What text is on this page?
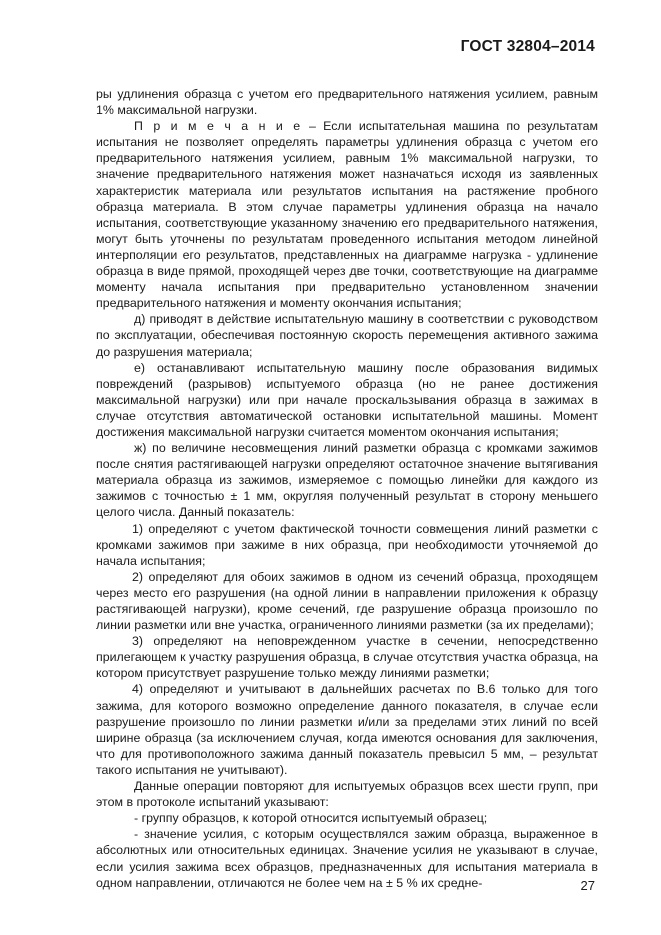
ГОСТ 32804–2014

ры удлинения образца с учетом его предварительного натяжения усилием, равным 1% максимальной нагрузки.

П р и м е ч а н и е – Если испытательная машина по результатам испытания не позволяет определять параметры удлинения образца с учетом его предварительного натяжения усилием, равным 1% максимальной нагрузки, то значение предварительного натяжения может назначаться исходя из заявленных характеристик материала или результатов испытания на растяжение пробного образца материала. В этом случае параметры удлинения образца на начало испытания, соответствующие указанному значению его предварительного натяжения, могут быть уточнены по результатам проведенного испытания методом линейной интерполяции его результатов, представленных на диаграмме нагрузка - удлинение образца в виде прямой, проходящей через две точки, соответствующие на диаграмме моменту начала испытания при предварительно установленном значении предварительного натяжения и моменту окончания испытания;

д) приводят в действие испытательную машину в соответствии с руководством по эксплуатации, обеспечивая постоянную скорость перемещения активного зажима до разрушения материала;

е) останавливают испытательную машину после образования видимых повреждений (разрывов) испытуемого образца (но не ранее достижения максимальной нагрузки) или при начале проскальзывания образца в зажимах в случае отсутствия автоматической остановки испытательной машины. Момент достижения максимальной нагрузки считается моментом окончания испытания;

ж) по величине несовмещения линий разметки образца с кромками зажимов после снятия растягивающей нагрузки определяют остаточное значение вытягивания материала образца из зажимов, измеряемое с помощью линейки для каждого из зажимов с точностью ± 1 мм, округляя полученный результат в сторону меньшего целого числа. Данный показатель:

1) определяют с учетом фактической точности совмещения линий разметки с кромками зажимов при зажиме в них образца, при необходимости уточняемой до начала испытания;

2) определяют для обоих зажимов в одном из сечений образца, проходящем через место его разрушения (на одной линии в направлении приложения к образцу растягивающей нагрузки), кроме сечений, где разрушение образца произошло по линии разметки или вне участка, ограниченного линиями разметки (за их пределами);

3) определяют на неповрежденном участке в сечении, непосредственно прилегающем к участку разрушения образца, в случае отсутствия участка образца, на котором присутствует разрушение только между линиями разметки;

4) определяют и учитывают в дальнейших расчетах по В.6 только для того зажима, для которого возможно определение данного показателя, в случае если разрушение произошло по линии разметки и/или за пределами этих линий по всей ширине образца (за исключением случая, когда имеются основания для заключения, что для противоположного зажима данный показатель превысил 5 мм, – результат такого испытания не учитывают).

Данные операции повторяют для испытуемых образцов всех шести групп, при этом в протоколе испытаний указывают:

- группу образцов, к которой относится испытуемый образец;

- значение усилия, с которым осуществлялся зажим образца, выраженное в абсолютных или относительных единицах. Значение усилия не указывают в случае, если усилия зажима всех образцов, предназначенных для испытания материала в одном направлении, отличаются не более чем на ± 5 % их средне-	27
